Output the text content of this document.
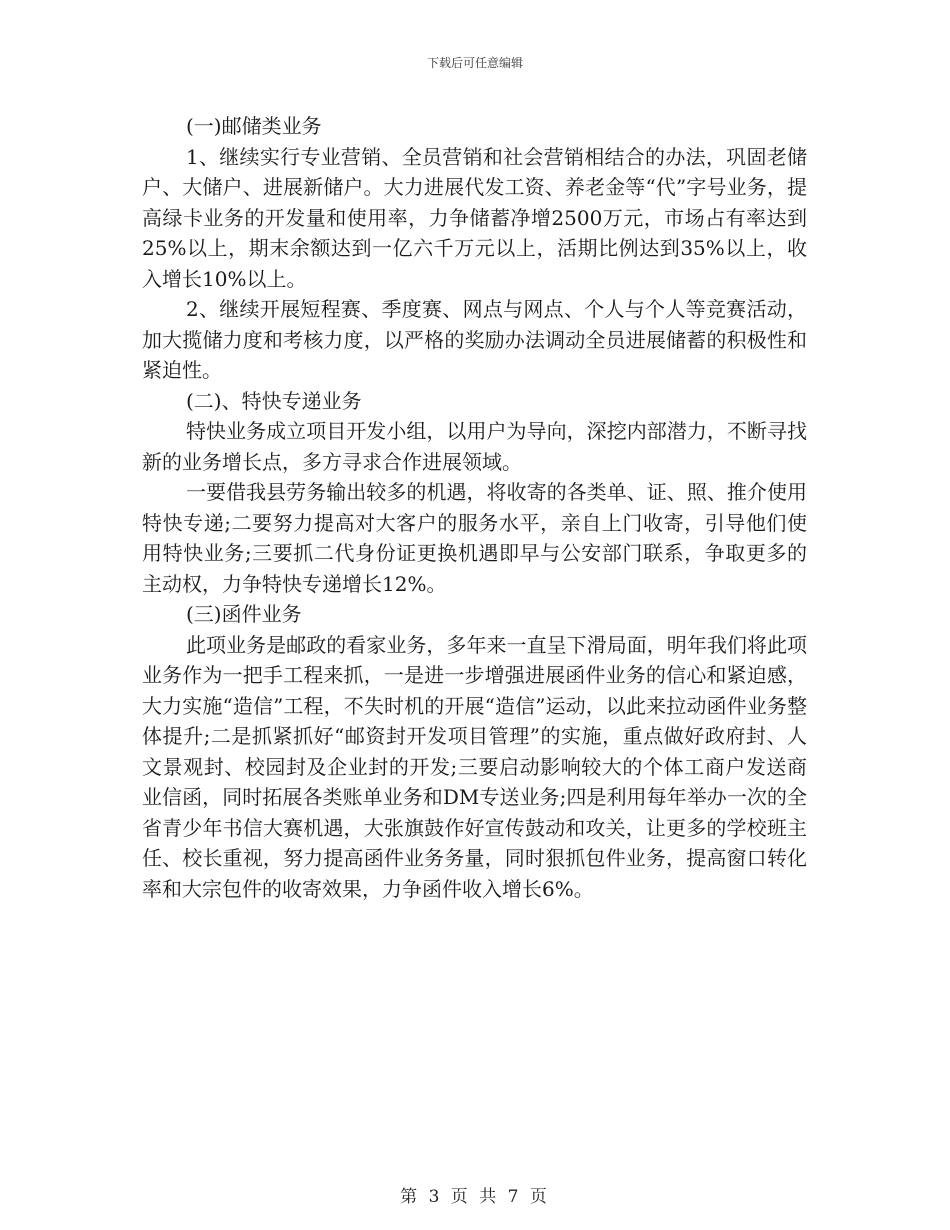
下载后可任意编辑

(一)邮储类业务

1、继续实行专业营销、全员营销和社会营销相结合的办法，巩固老储户、大储户、进展新储户。大力进展代发工资、养老金等“代”字号业务，提高绿卡业务的开发量和使用率，力争储蓄净增2500万元，市场占有率达到25%以上，期末余额达到一亿六千万元以上，活期比例达到35%以上，收入增长10%以上。

2、继续开展短程赛、季度赛、网点与网点、个人与个人等竞赛活动，加大揽储力度和考核力度，以严格的奖励办法调动全员进展储蓄的积极性和紧迫性。

(二)、特快专递业务

特快业务成立项目开发小组，以用户为导向，深挖内部潜力，不断寻找新的业务增长点，多方寻求合作进展领域。

一要借我县劳务输出较多的机遇，将收寄的各类单、证、照、推介使用特快专递;二要努力提高对大客户的服务水平，亲自上门收寄，引导他们使用特快业务;三要抓二代身份证更换机遇即早与公安部门联系，争取更多的主动权，力争特快专递增长12%。

(三)函件业务

此项业务是邮政的看家业务，多年来一直呈下滑局面，明年我们将此项业务作为一把手工程来抓，一是进一步增强进展函件业务的信心和紧迫感，大力实施“造信”工程，不失时机的开展“造信”运动，以此来拉动函件业务整体提升;二是抓紧抓好“邮资封开发项目管理”的实施，重点做好政府封、人文景观封、校园封及企业封的开发;三要启动影响较大的个体工商户发送商业信函，同时拓展各类账单业务和DM专送业务;四是利用每年举办一次的全省青少年书信大赛机遇，大张旗鼓作好宣传鼓动和攻关，让更多的学校班主任、校长重视，努力提高函件业务务量，同时狠抓包件业务，提高窗口转化率和大宗包件的收寄效果，力争函件收入增长6%。

第 3 页 共 7 页
